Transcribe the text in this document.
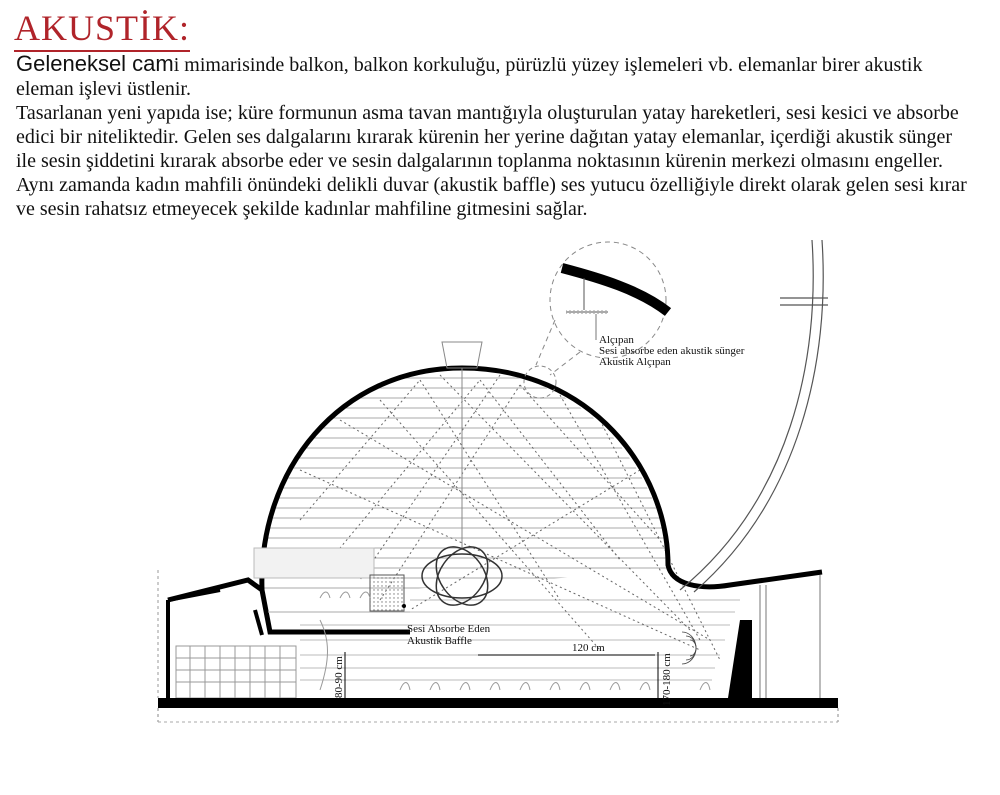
AKUSTİK:

Geleneksel cami mimarisinde balkon, balkon korkuluğu, pürüzlü yüzey işlemeleri vb. elemanlar birer akustik eleman işlevi üstlenir.

Tasarlanan yeni yapıda ise; küre formunun asma tavan mantığıyla oluşturulan yatay hareketleri, sesi kesici ve absorbe edici bir niteliktedir. Gelen ses dalgalarını kırarak kürenin her yerine dağıtan yatay elemanlar, içerdiği akustik sünger ile sesin şiddetini kırarak absorbe eder ve sesin dalgalarının toplanma noktasının kürenin merkezi olmasını engeller. Aynı zamanda kadın mahfili önündeki delikli duvar (akustik baffle) ses yutucu özelliğiyle direkt olarak gelen sesi kırar ve sesin rahatsız etmeyecek şekilde kadınlar mahfiline gitmesini sağlar.

Alçıpan
Sesi absorbe eden akustik sünger
Akustik Alçıpan
Sesi Absorbe Eden
Akustik Baffle
120 cm
80-90 cm	170-180 cm
